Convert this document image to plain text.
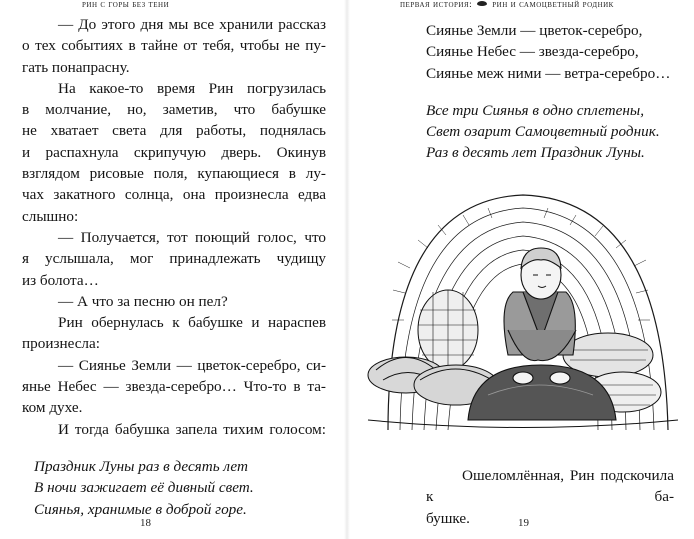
рин с горы без тени
— До этого дня мы все хранили рассказ
о тех событиях в тайне от тебя, чтобы не пу-
гать понапрасну.
На какое-то время Рин погрузилась
в молчание, но, заметив, что бабушке
не хватает света для работы, поднялась
и распахнула скрипучую дверь. Окинув
взглядом рисовые поля, купающиеся в лу-
чах закатного солнца, она произнесла едва
слышно:
— Получается, тот поющий голос, что
я услышала, мог принадлежать чудищу
из болота…
— А что за песню он пел?
Рин обернулась к бабушке и нараспев
произнесла:
— Сиянье Земли — цветок-серебро, си-
янье Небес — звезда-серебро… Что-то в та-
ком духе.
И тогда бабушка запела тихим голосом:
Праздник Луны раз в десять лет
В ночи зажигает её дивный свет.
Сиянья, хранимые в доброй горе.
18
первая история: рин и самоцветный родник
Сиянье Земли — цветок-серебро,
Сиянье Небес — звезда-серебро,
Сиянье меж ними — ветра-серебро…
Все три Сиянья в одно сплетены,
Свет озарит Самоцветный родник.
Раз в десять лет Праздник Луны.
Ошеломлённая, Рин подскочила к ба-
бушке.	19
